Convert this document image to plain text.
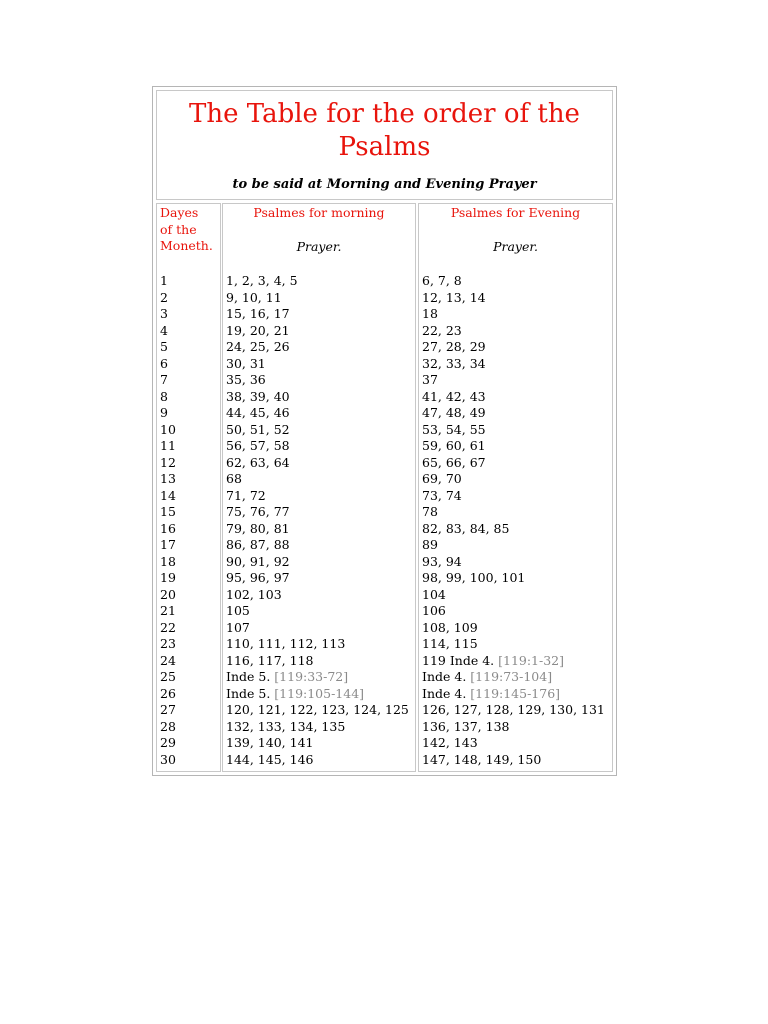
The Table for the order of the Psalms
to be said at Morning and Evening Prayer
Dayes
of the
Moneth.
1
2
3
4
5
6
7
8
9
10
11
12
13
14
15
16
17
18
19
20
21
22
23
24
25
26
27
28
29
30
Psalmes for morning
Prayer.
1, 2, 3, 4, 5
9, 10, 11
15, 16, 17
19, 20, 21
24, 25, 26
30, 31
35, 36
38, 39, 40
44, 45, 46
50, 51, 52
56, 57, 58
62, 63, 64
68
71, 72
75, 76, 77
79, 80, 81
86, 87, 88
90, 91, 92
95, 96, 97
102, 103
105
107
110, 111, 112, 113
116, 117, 118
Inde 5. [119:33-72]
Inde 5. [119:105-144]
120, 121, 122, 123, 124, 125
132, 133, 134, 135
139, 140, 141
144, 145, 146
Psalmes for Evening
Prayer.
6, 7, 8
12, 13, 14
18
22, 23
27, 28, 29
32, 33, 34
37
41, 42, 43
47, 48, 49
53, 54, 55
59, 60, 61
65, 66, 67
69, 70
73, 74
78
82, 83, 84, 85
89
93, 94
98, 99, 100, 101
104
106
108, 109
114, 115
119 Inde 4. [119:1-32]
Inde 4. [119:73-104]
Inde 4. [119:145-176]
126, 127, 128, 129, 130, 131
136, 137, 138
142, 143
147, 148, 149, 150
